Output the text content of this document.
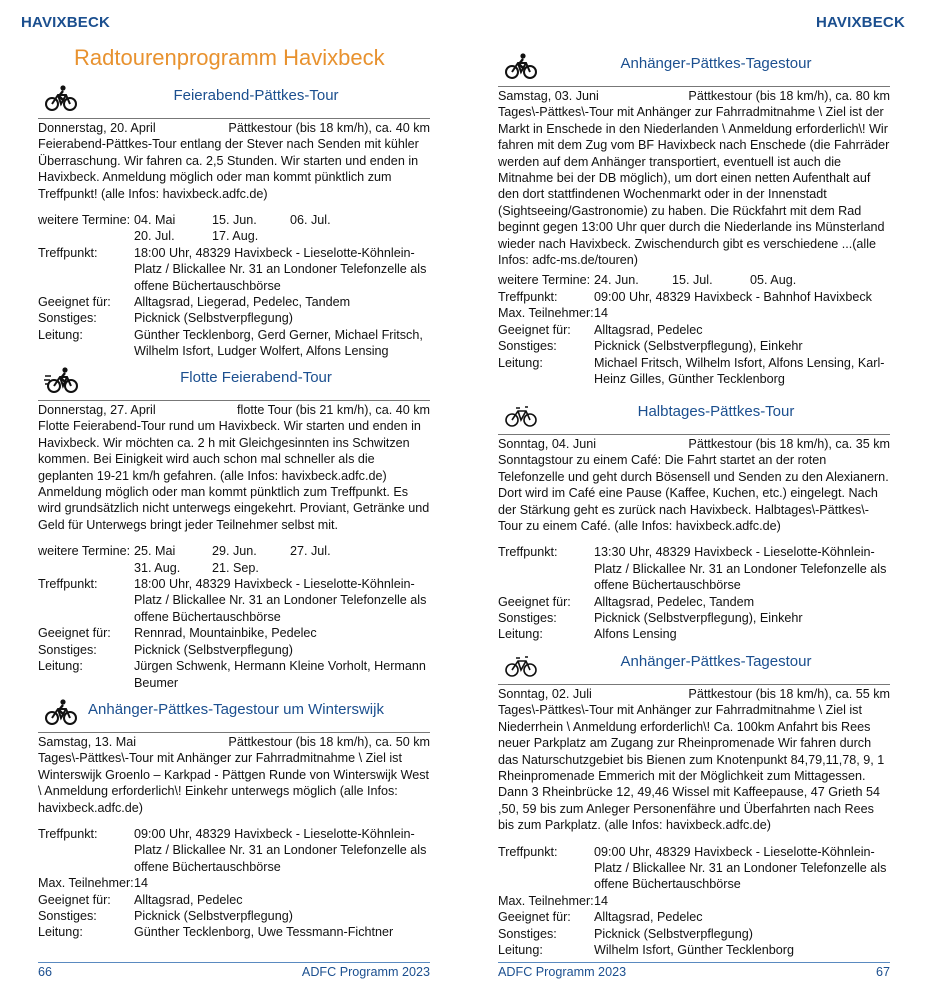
HAVIXBECK
Radtourenprogramm Havixbeck
Feierabend-Pättkes-Tour
Donnerstag, 20. April	Pättkestour (bis 18 km/h), ca. 40 km

Feierabend-Pättkes-Tour entlang der Stever nach Senden mit kühler Überraschung. Wir fahren ca. 2,5 Stunden. Wir starten und enden in Havixbeck. Anmeldung möglich oder man kommt pünktlich zum Treffpunkt! (alle Infos: havixbeck.adfc.de)

weitere Termine: 04. Mai	15. Jun.	06. Jul.
20. Jul.	17. Aug.
Treffpunkt:	18:00 Uhr, 48329 Havixbeck - Lieselotte-Köhnlein-Platz / Blickallee Nr. 31 an Londoner Telefonzelle als offene Büchertauschbörse
Geeignet für:	Alltagsrad, Liegerad, Pedelec, Tandem
Sonstiges:	Picknick (Selbstverpflegung)
Leitung:	Günther Tecklenborg, Gerd Gerner, Michael Fritsch, Wilhelm Isfort, Ludger Wolfert, Alfons Lensing
Flotte Feierabend-Tour
Donnerstag, 27. April	flotte Tour (bis 21 km/h), ca. 40 km

Flotte Feierabend-Tour rund um Havixbeck. Wir starten und enden in Havixbeck. Wir möchten ca. 2 h mit Gleichgesinnten ins Schwitzen kommen. Bei Einigkeit wird auch schon mal schneller als die geplanten 19-21 km/h gefahren. (alle Infos: havixbeck.adfc.de) Anmeldung möglich oder man kommt pünktlich zum Treffpunkt. Es wird grundsätzlich nicht unterwegs eingekehrt. Proviant, Getränke und Geld für Unterwegs bringt jeder Teilnehmer selbst mit.

weitere Termine: 25. Mai	29. Jun.	27. Jul.
31. Aug.	21. Sep.
Treffpunkt:	18:00 Uhr, 48329 Havixbeck - Lieselotte-Köhnlein-Platz / Blickallee Nr. 31 an Londoner Telefonzelle als offene Büchertauschbörse
Geeignet für:	Rennrad, Mountainbike, Pedelec
Sonstiges:	Picknick (Selbstverpflegung)
Leitung:	Jürgen Schwenk, Hermann Kleine Vorholt, Hermann Beumer
Anhänger-Pättkes-Tagestour um Winterswijk
Samstag, 13. Mai	Pättkestour (bis 18 km/h), ca. 50 km

Tages\-Pättkes\-Tour mit Anhänger zur Fahrradmitnahme \ Ziel ist Winterswijk Groenlo – Karkpad - Pättgen Runde von Winterswijk West \ Anmeldung erforderlich\! Einkehr unterwegs möglich (alle Infos: havixbeck.adfc.de)

Treffpunkt:	09:00 Uhr, 48329 Havixbeck - Lieselotte-Köhnlein-Platz / Blickallee Nr. 31 an Londoner Telefonzelle als offene Büchertauschbörse
Max. Teilnehmer: 14
Geeignet für:	Alltagsrad, Pedelec
Sonstiges:	Picknick (Selbstverpflegung)
Leitung:	Günther Tecklenborg, Uwe Tessmann-Fichtner
66	ADFC Programm 2023
HAVIXBECK
Anhänger-Pättkes-Tagestour
Samstag, 03. Juni	Pättkestour (bis 18 km/h), ca. 80 km

Tages\-Pättkes\-Tour mit Anhänger zur Fahrradmitnahme \ Ziel ist der Markt in Enschede in den Niederlanden \ Anmeldung erforderlich\! Wir fahren mit dem Zug vom BF Havixbeck nach Enschede (die Fahrräder werden auf dem Anhänger transportiert, eventuell ist auch die Mitnahme bei der DB möglich), um dort einen netten Aufenthalt auf den dort stattfindenen Wochenmarkt oder in der Innenstadt (Sightseeing/Gastronomie) zu haben. Die Rückfahrt mit dem Rad beginnt gegen 13:00 Uhr quer durch die Niederlande ins Münsterland wieder nach Havixbeck. Zwischendurch gibt es verschiedene ...(alle Infos: adfc-ms.de/touren)

weitere Termine: 24. Jun.	15. Jul.	05. Aug.
Treffpunkt:	09:00 Uhr, 48329 Havixbeck - Bahnhof Havixbeck
Max. Teilnehmer: 14
Geeignet für:	Alltagsrad, Pedelec
Sonstiges:	Picknick (Selbstverpflegung), Einkehr
Leitung:	Michael Fritsch, Wilhelm Isfort, Alfons Lensing, Karl-Heinz Gilles, Günther Tecklenborg
Halbtages-Pättkes-Tour
Sonntag, 04. Juni	Pättkestour (bis 18 km/h), ca. 35 km

Sonntagstour zu einem Café: Die Fahrt startet an der roten Telefonzelle und geht durch Bösensell und Senden zu den Alexianern. Dort wird im Café eine Pause (Kaffee, Kuchen, etc.) eingelegt. Nach der Stärkung geht es zurück nach Havixbeck. Halbtages\-Pättkes\-Tour zu einem Café. (alle Infos: havixbeck.adfc.de)

Treffpunkt:	13:30 Uhr, 48329 Havixbeck - Lieselotte-Köhnlein-Platz / Blickallee Nr. 31 an Londoner Telefonzelle als offene Büchertauschbörse
Geeignet für:	Alltagsrad, Pedelec, Tandem
Sonstiges:	Picknick (Selbstverpflegung), Einkehr
Leitung:	Alfons Lensing
Anhänger-Pättkes-Tagestour
Sonntag, 02. Juli	Pättkestour (bis 18 km/h), ca. 55 km

Tages\-Pättkes\-Tour mit Anhänger zur Fahrradmitnahme \ Ziel ist Niederrhein \ Anmeldung erforderlich\! Ca. 100km Anfahrt bis Rees neuer Parkplatz am Zugang zur Rheinpromenade Wir fahren durch das Naturschutzgebiet bis Bienen zum Knotenpunkt 84,79,11,78, 9, 1 Rheinpromenade Emmerich mit der Möglichkeit zum Mittagessen. Dann 3 Rheinbrücke 12, 49,46 Wissel mit Kaffeepause, 47 Grieth 54 ,50, 59 bis zum Anleger Personenfähre und Überfahrten nach Rees bis zum Parkplatz. (alle Infos: havixbeck.adfc.de)

Treffpunkt:	09:00 Uhr, 48329 Havixbeck - Lieselotte-Köhnlein-Platz / Blickallee Nr. 31 an Londoner Telefonzelle als offene Büchertauschbörse
Max. Teilnehmer: 14
Geeignet für:	Alltagsrad, Pedelec
Sonstiges:	Picknick (Selbstverpflegung)
Leitung:	Wilhelm Isfort, Günther Tecklenborg
ADFC Programm 2023	67
